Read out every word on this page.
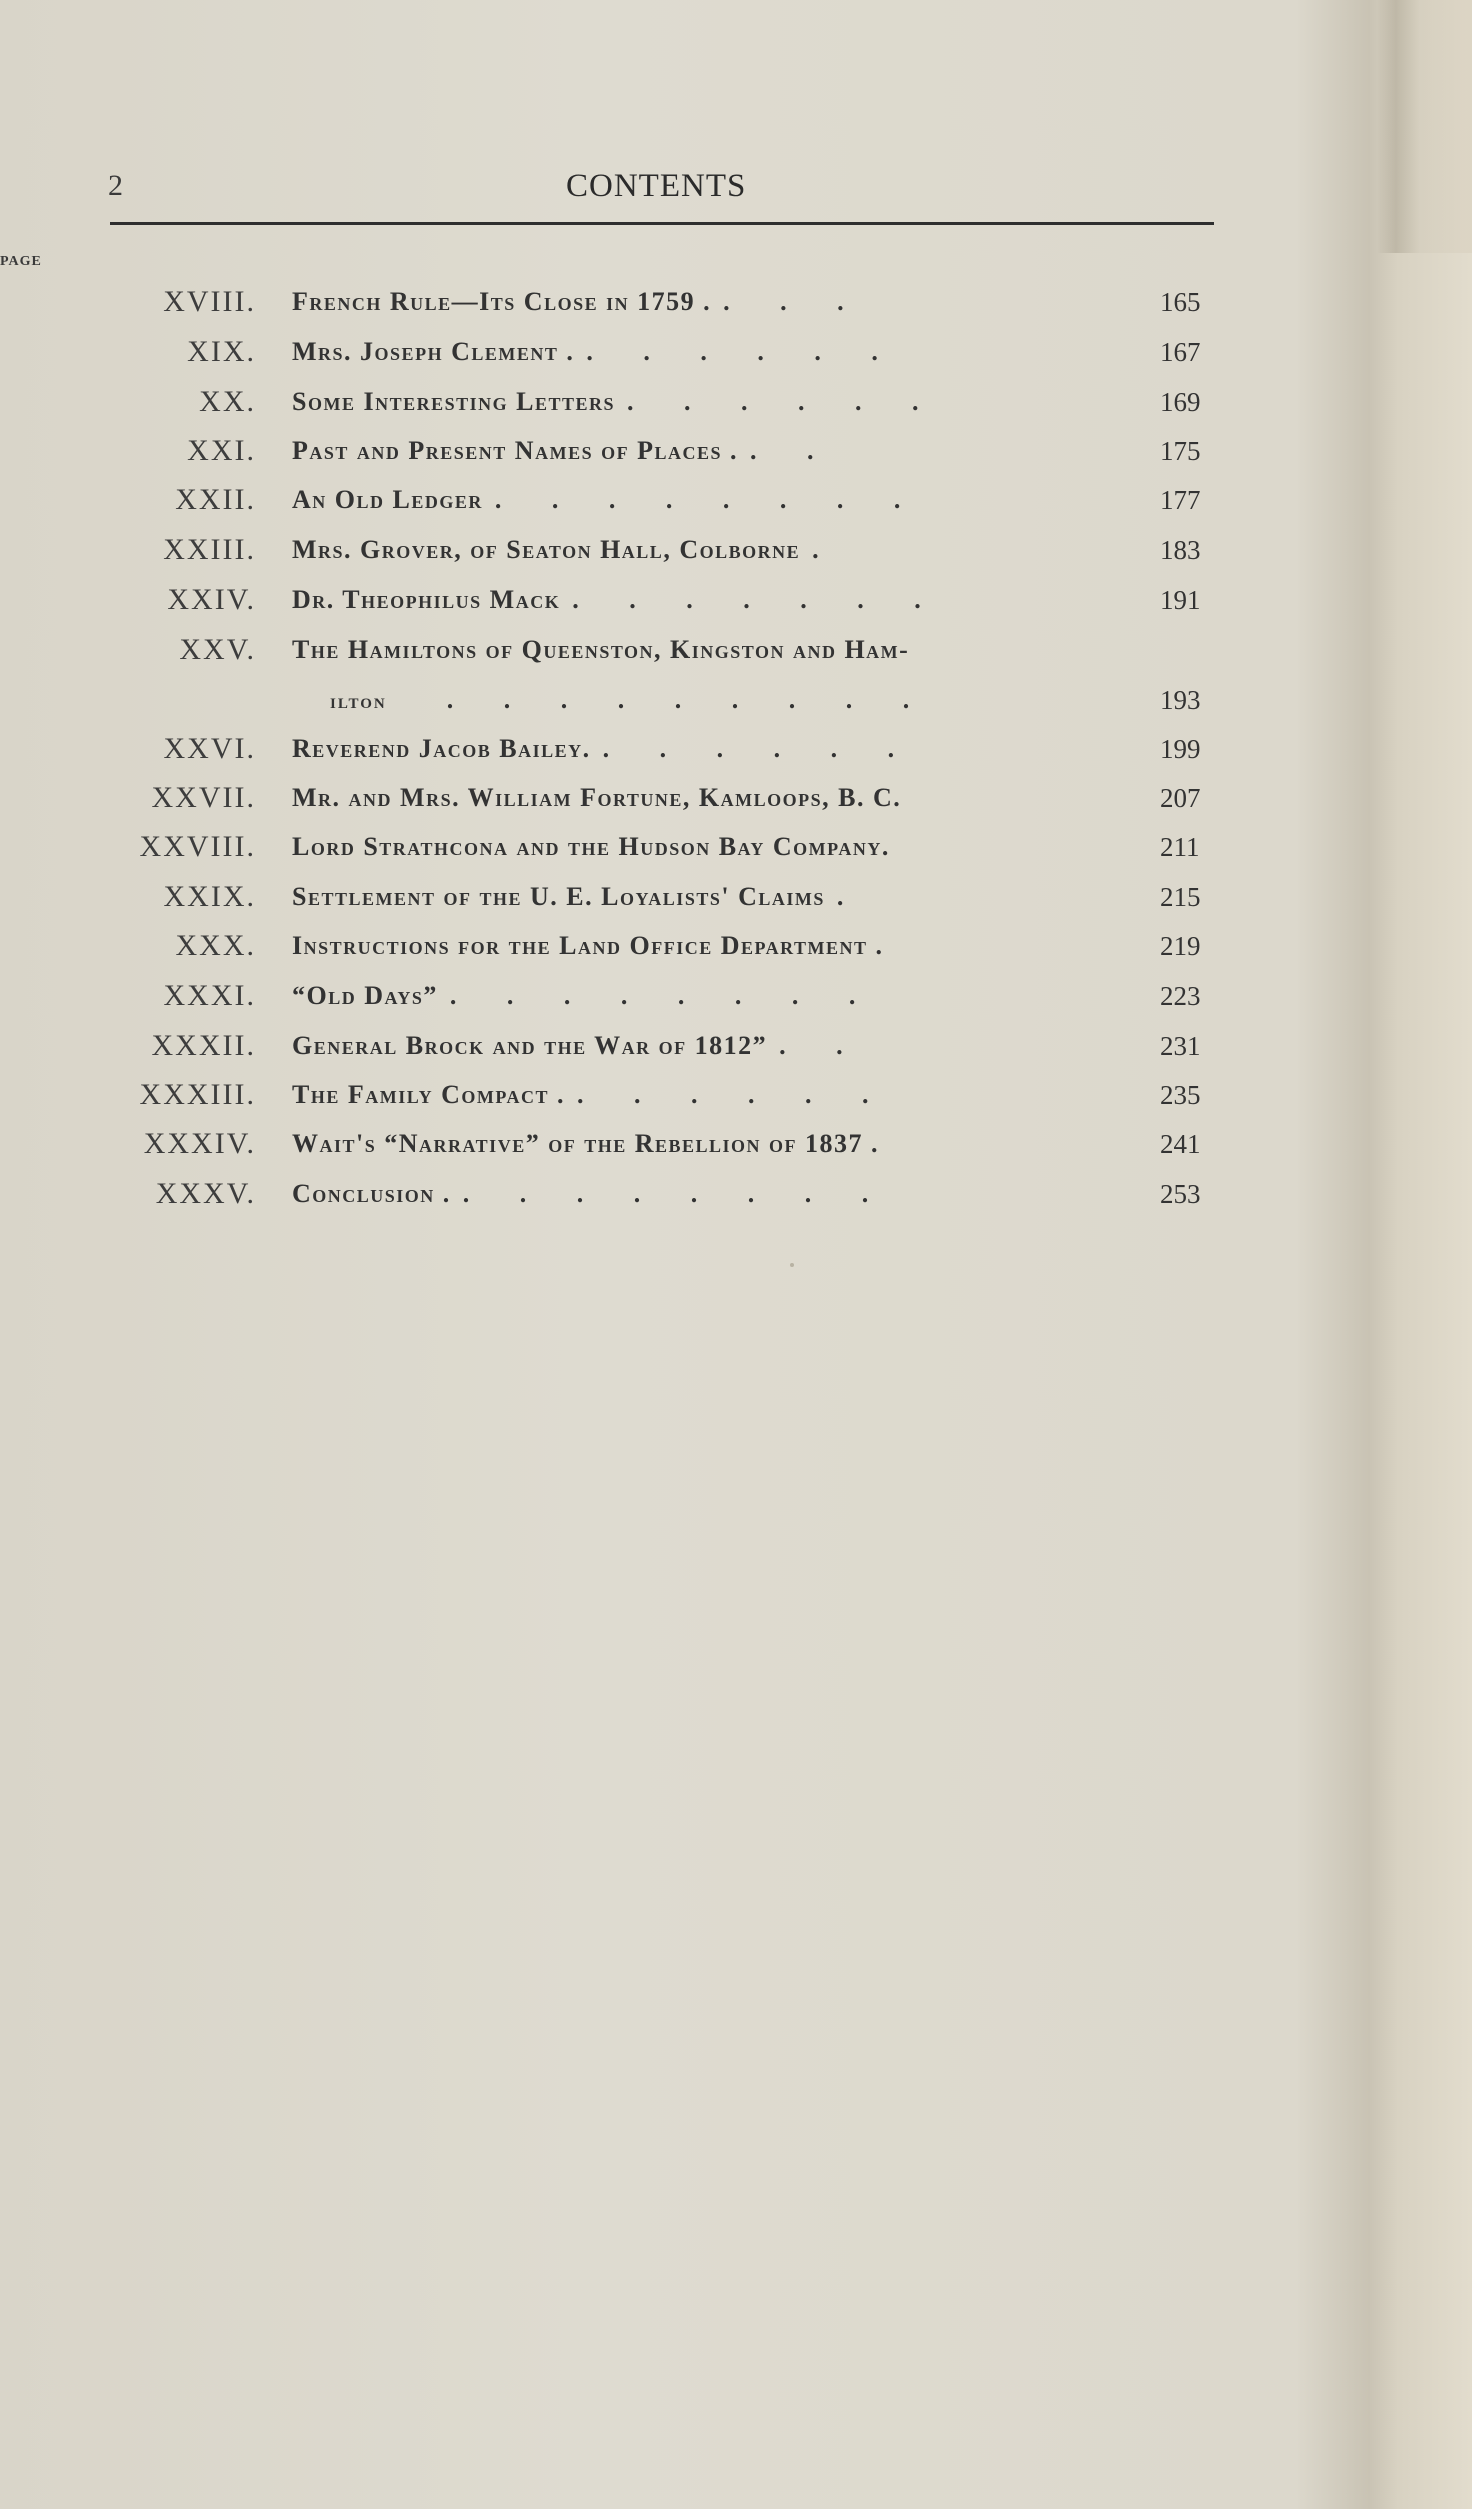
2	CONTENTS
PAGE
XVIII. French Rule—Its Close in 1759 . . . .	165
XIX. Mrs. Joseph Clement . . . . . . .	167
XX. Some Interesting Letters . . . . . .	169
XXI. Past and Present Names of Places . . .	175
XXII. An Old Ledger . . . . . . . .	177
XXIII. Mrs. Grover, of Seaton Hall, Colborne .	183
XXIV. Dr. Theophilus Mack . . . . . . .	191
XXV. The Hamiltons of Queenston, Kingston and Ham-
ilton . . . . . . . . .	193
XXVI. Reverend Jacob Bailey. . . . . . .	199
XXVII. Mr. and Mrs. William Fortune, Kamloops, B. C.	207
XXVIII. Lord Strathcona and the Hudson Bay Company.	211
XXIX. Settlement of the U. E. Loyalists' Claims .	215
XXX. Instructions for the Land Office Department .	219
XXXI. “Old Days” . . . . . . . .	223
XXXII. General Brock and the War of 1812” . .	231
XXXIII. The Family Compact . . . . . . .	235
XXXIV. Wait's “Narrative” of the Rebellion of 1837 .	241
XXXV. Conclusion . . . . . . . . .	253
